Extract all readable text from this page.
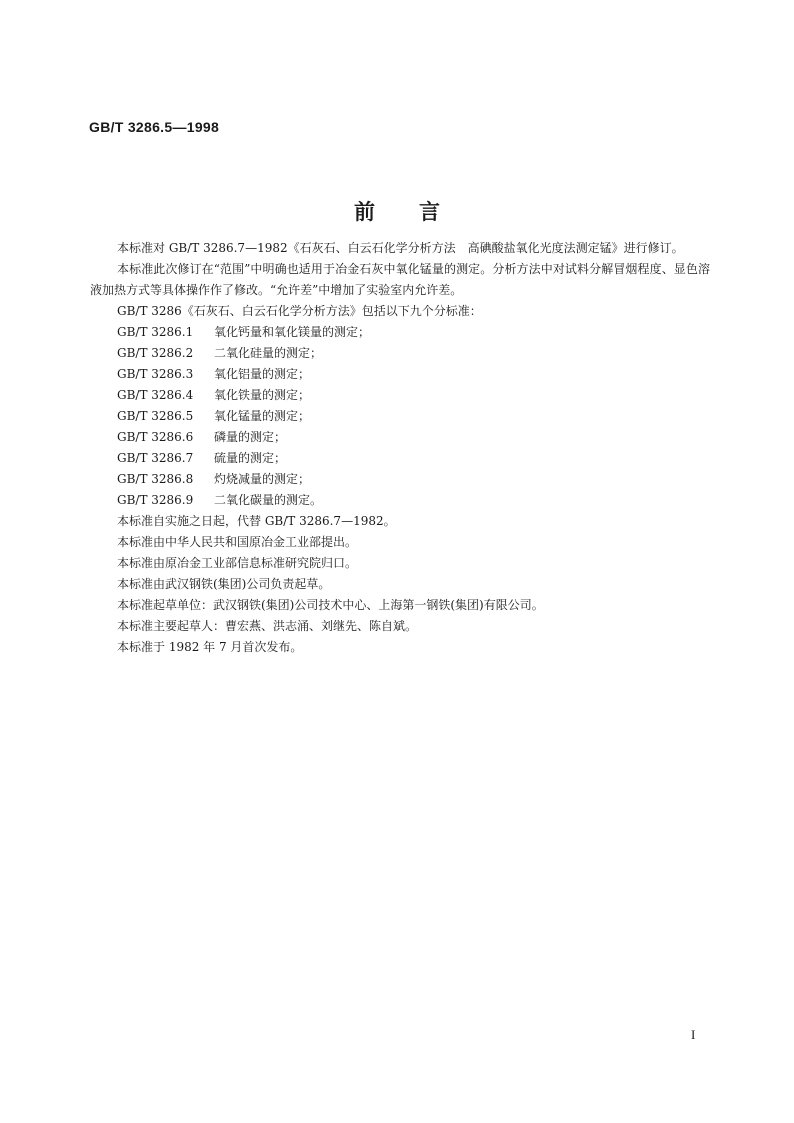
GB/T 3286.5—1998
前言

本标准对 GB/T 3286.7—1982《石灰石、白云石化学分析方法　高碘酸盐氧化光度法测定锰》进行修订。

本标准此次修订在“范围”中明确也适用于冶金石灰中氧化锰量的测定。分析方法中对试料分解冒烟程度、显色溶液加热方式等具体操作作了修改。“允许差”中增加了实验室内允许差。

GB/T 3286《石灰石、白云石化学分析方法》包括以下九个分标准：

GB/T 3286.1 氧化钙量和氧化镁量的测定；

GB/T 3286.2 二氧化硅量的测定；

GB/T 3286.3 氧化铝量的测定；

GB/T 3286.4 氧化铁量的测定；

GB/T 3286.5 氧化锰量的测定；

GB/T 3286.6 磷量的测定；

GB/T 3286.7 硫量的测定；

GB/T 3286.8 灼烧减量的测定；

GB/T 3286.9 二氧化碳量的测定。

本标准自实施之日起，代替 GB/T 3286.7—1982。

本标准由中华人民共和国原冶金工业部提出。

本标准由原冶金工业部信息标准研究院归口。

本标准由武汉钢铁(集团)公司负责起草。

本标准起草单位：武汉钢铁(集团)公司技术中心、上海第一钢铁(集团)有限公司。

本标准主要起草人：曹宏燕、洪志涌、刘继先、陈自斌。

本标准于 1982 年 7 月首次发布。

I
